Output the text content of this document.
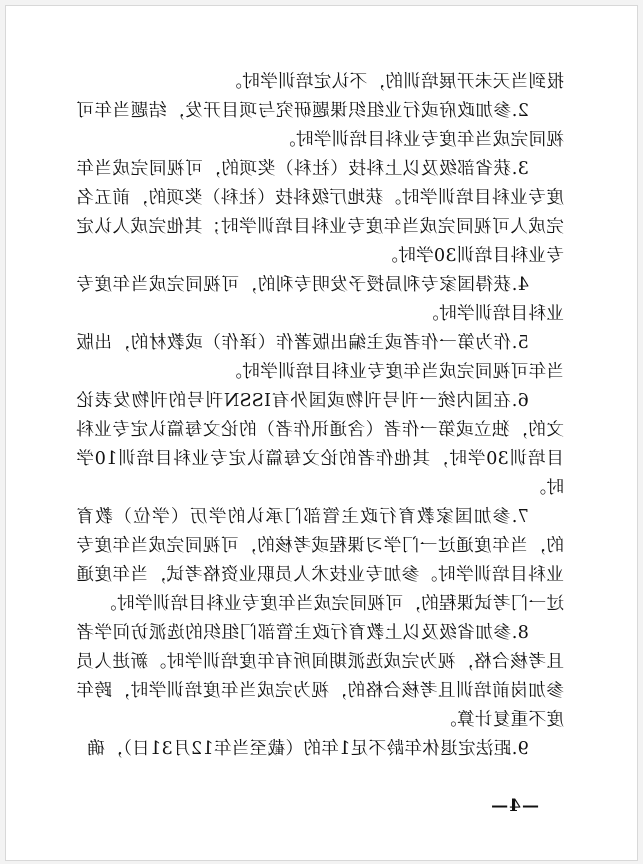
报到当天未开展培训的，不认定培训学时。

2.参加政府或行业组织课题研究与项目开发，结题当年可视同完成当年度专业科目培训学时。

3.获省部级及以上科技（社科）奖项的，可视同完成当年度专业科目培训学时。获地厅级科技（社科）奖项的，前五名完成人可视同完成当年度专业科目培训学时；其他完成人认定专业科目培训30学时。

4.获得国家专利局授予发明专利的，可视同完成当年度专业科目培训学时。

5.作为第一作者或主编出版著作（译作）或教材的，出版当年可视同完成当年度专业科目培训学时。

6.在国内统一刊号刊物或国外有ISSN刊号的刊物发表论文的，独立或第一作者（含通讯作者）的论文每篇认定专业科目培训30学时，其他作者的论文每篇认定专业科目培训10学时。

7.参加国家教育行政主管部门承认的学历（学位）教育的，当年度通过一门学习课程或考核的，可视同完成当年度专业科目培训学时。参加专业技术人员职业资格考试，当年度通过一门考试课程的，可视同完成当年度专业科目培训学时。

8.参加省级及以上教育行政主管部门组织的选派访问学者且考核合格，视为完成选派期间所有年度培训学时。新进人员参加岗前培训且考核合格的，视为完成当年度培训学时，跨年度不重复计算。

9.距法定退休年龄不足1年的（截至当年12月31日），确

—4—
